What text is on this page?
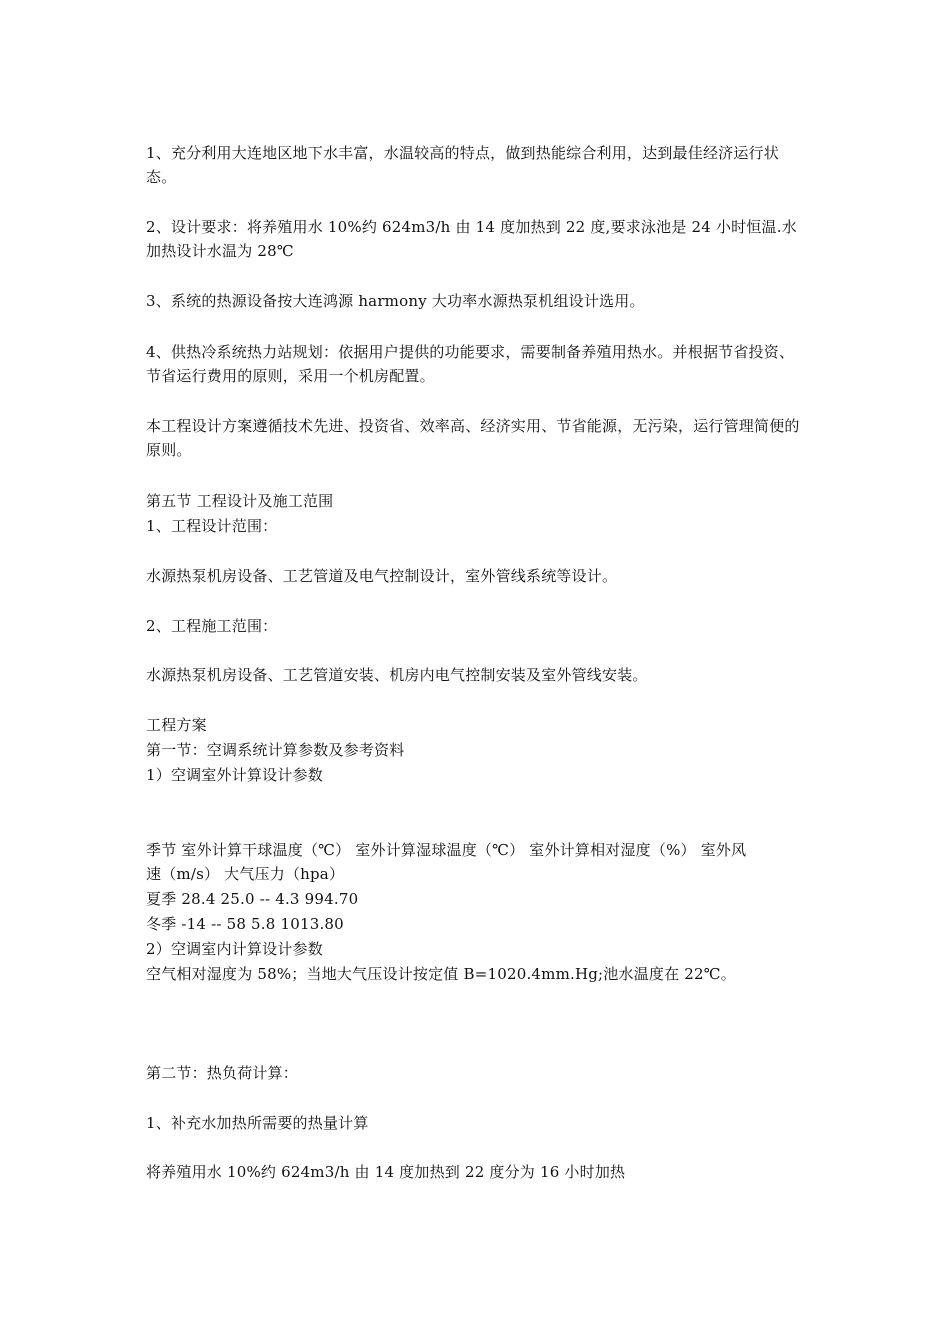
1、充分利用大连地区地下水丰富，水温较高的特点，做到热能综合利用，达到最佳经济运行状态。
2、设计要求：将养殖用水 10%约 624m3/h 由 14 度加热到 22 度,要求泳池是 24 小时恒温.水加热设计水温为 28℃
3、系统的热源设备按大连鸿源 harmony 大功率水源热泵机组设计选用。
4、供热冷系统热力站规划：依据用户提供的功能要求，需要制备养殖用热水。并根据节省投资、节省运行费用的原则，采用一个机房配置。
本工程设计方案遵循技术先进、投资省、效率高、经济实用、节省能源，无污染，运行管理简便的原则。
第五节 工程设计及施工范围
1、工程设计范围：
水源热泵机房设备、工艺管道及电气控制设计，室外管线系统等设计。
2、工程施工范围：
水源热泵机房设备、工艺管道安装、机房内电气控制安装及室外管线安装。
工程方案
第一节：空调系统计算参数及参考资料
1）空调室外计算设计参数
季节 室外计算干球温度（℃） 室外计算湿球温度（℃） 室外计算相对湿度（%） 室外风
速（m/s） 大气压力（hpa）
夏季 28.4 25.0 -- 4.3 994.70
冬季 -14 -- 58 5.8 1013.80
2）空调室内计算设计参数
空气相对湿度为 58%；当地大气压设计按定值 B=1020.4mm.Hg;池水温度在 22℃。
第二节：热负荷计算：
1、补充水加热所需要的热量计算
将养殖用水 10%约 624m3/h 由 14 度加热到 22 度分为 16 小时加热
